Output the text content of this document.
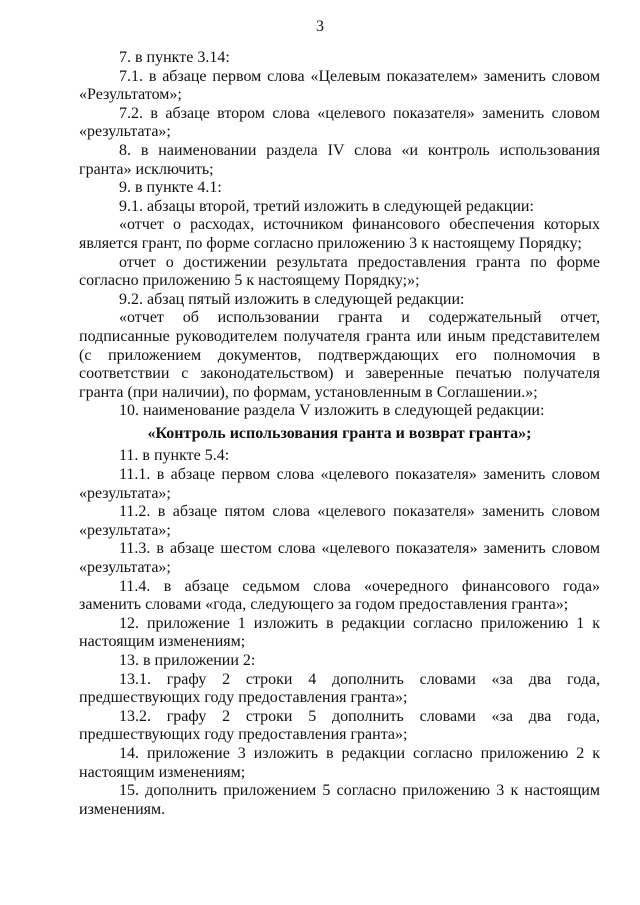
3

7. в пункте 3.14:

7.1. в абзаце первом слова «Целевым показателем» заменить словом «Результатом»;

7.2. в абзаце втором слова «целевого показателя» заменить словом «результата»;

8. в наименовании раздела IV слова «и контроль использования гранта» исключить;

9. в пункте 4.1:

9.1. абзацы второй, третий изложить в следующей редакции:

«отчет о расходах, источником финансового обеспечения которых является грант, по форме согласно приложению 3 к настоящему Порядку;

отчет о достижении результата предоставления гранта по форме согласно приложению 5 к настоящему Порядку;»;

9.2. абзац пятый изложить в следующей редакции:

«отчет об использовании гранта и содержательный отчет, подписанные руководителем получателя гранта или иным представителем (с приложением документов, подтверждающих его полномочия в соответствии с законодательством) и заверенные печатью получателя гранта (при наличии), по формам, установленным в Соглашении.»;

10. наименование раздела V изложить в следующей редакции:

«Контроль использования гранта и возврат гранта»;

11. в пункте 5.4:

11.1. в абзаце первом слова «целевого показателя» заменить словом «результата»;

11.2. в абзаце пятом слова «целевого показателя» заменить словом «результата»;

11.3. в абзаце шестом слова «целевого показателя» заменить словом «результата»;

11.4. в абзаце седьмом слова «очередного финансового года» заменить словами «года, следующего за годом предоставления гранта»;

12. приложение 1 изложить в редакции согласно приложению 1 к настоящим изменениям;

13. в приложении 2:

13.1. графу 2 строки 4 дополнить словами «за два года, предшествующих году предоставления гранта»;

13.2. графу 2 строки 5 дополнить словами «за два года, предшествующих году предоставления гранта»;

14. приложение 3 изложить в редакции согласно приложению 2 к настоящим изменениям;

15. дополнить приложением 5 согласно приложению 3 к настоящим изменениям.
